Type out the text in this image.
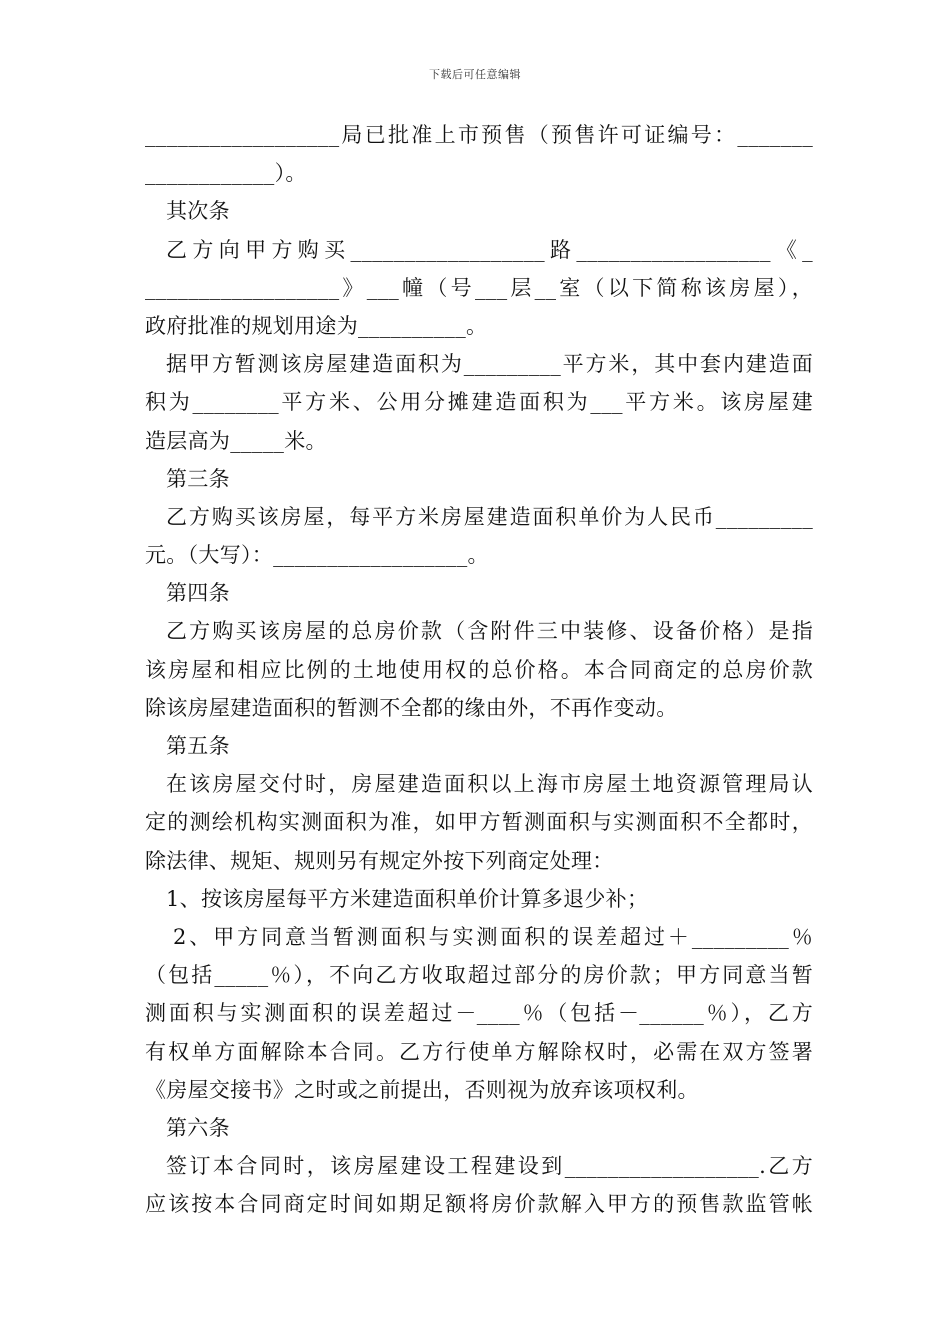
下载后可任意编辑
__________________局已批准上市预售（预售许可证编号：_______
____________）。
其次条
乙方向甲方购买__________________路__________________《_
__________________》___幢（号___层__室（以下简称该房屋），
政府批准的规划用途为__________。
据甲方暂测该房屋建造面积为_________平方米，其中套内建造面
积为________平方米、公用分摊建造面积为___平方米。该房屋建
造层高为_____米。
第三条
乙方购买该房屋，每平方米房屋建造面积单价为人民币_________
元。（大写）：__________________。
第四条
乙方购买该房屋的总房价款（含附件三中装修、设备价格）是指
该房屋和相应比例的土地使用权的总价格。本合同商定的总房价款
除该房屋建造面积的暂测不全都的缘由外，不再作变动。
第五条
在该房屋交付时，房屋建造面积以上海市房屋土地资源管理局认
定的测绘机构实测面积为准，如甲方暂测面积与实测面积不全都时，
除法律、规矩、规则另有规定外按下列商定处理：
1、按该房屋每平方米建造面积单价计算多退少补；
2、甲方同意当暂测面积与实测面积的误差超过＋_________％
（包括_____％），不向乙方收取超过部分的房价款；甲方同意当暂
测面积与实测面积的误差超过－____％（包括－______％），乙方
有权单方面解除本合同。乙方行使单方解除权时，必需在双方签署
《房屋交接书》之时或之前提出，否则视为放弃该项权利。
第六条
签订本合同时，该房屋建设工程建设到__________________.乙方
应该按本合同商定时间如期足额将房价款解入甲方的预售款监管帐
